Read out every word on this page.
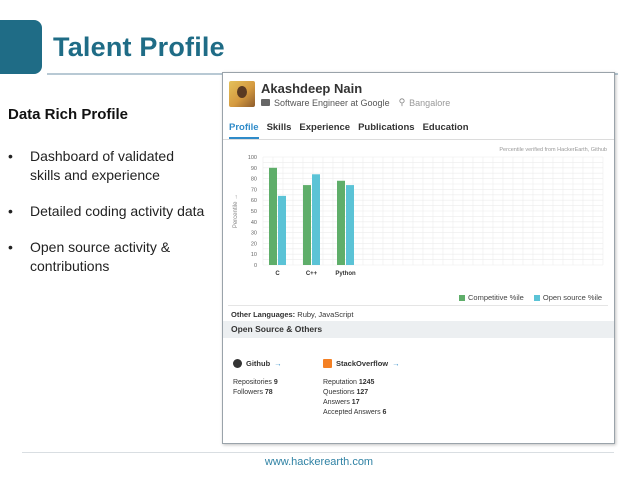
Talent Profile
Data Rich Profile
• Dashboard of validated skills and experience
• Detailed coding activity data
• Open source activity & contributions
Akashdeep Nain
Software Engineer at Google ⚲ Bangalore
Profile Skills Experience Publications Education
Percentile verified from HackerEarth, Github
0
10
20
30
40
50
60
70
80
90
100
Percentile →
C	C++	Python
Competitive %ile	Open source %ile
Other Languages: Ruby, JavaScript
Open Source & Others
Github →
Repositories 9
Followers 78
StackOverflow →
Reputation 1245
Questions 127
Answers 17
Accepted Answers 6
www.hackerearth.com
